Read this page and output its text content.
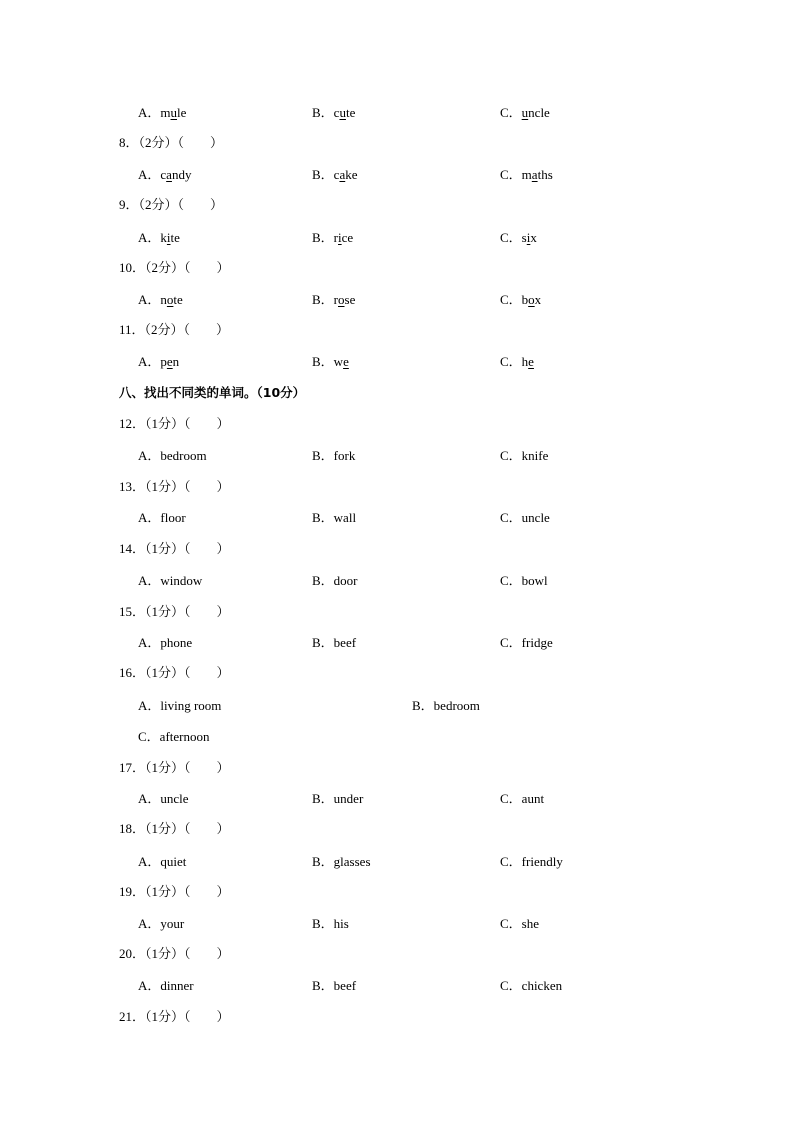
A．mule	B．cute	C．uncle
8．（2分）（　　）
A．candy	B．cake	C．maths
9．（2分）（　　）
A．kite	B．rice	C．six
10．（2分）（　　）
A．note	B．rose	C．box
11．（2分）（　　）
A．pen	B．we	C．he
八、找出不同类的单词。（10分）
12．（1分）（　　）
A．bedroom	B．fork	C．knife
13．（1分）（　　）
A．floor	B．wall	C．uncle
14．（1分）（　　）
A．window	B．door	C．bowl
15．（1分）（　　）
A．phone	B．beef	C．fridge
16．（1分）（　　）
A．living room	B．bedroom
C．afternoon
17．（1分）（　　）
A．uncle	B．under	C．aunt
18．（1分）（　　）
A．quiet	B．glasses	C．friendly
19．（1分）（　　）
A．your	B．his	C．she
20．（1分）（　　）
A．dinner	B．beef	C．chicken
21．（1分）（　　）
